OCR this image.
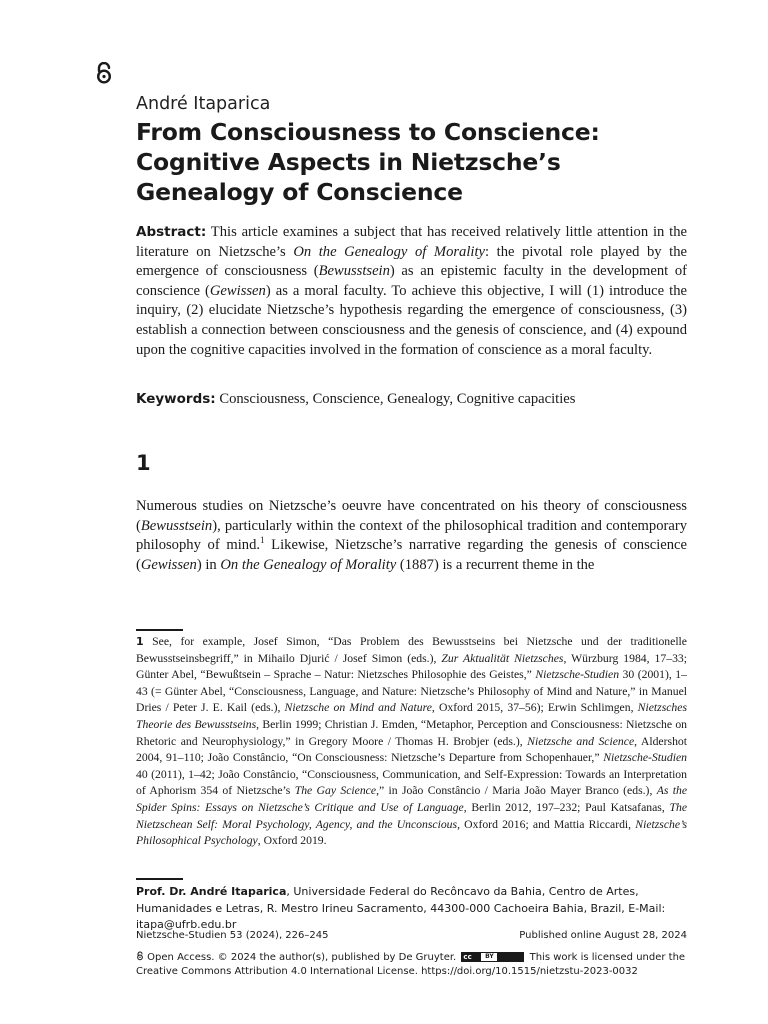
André Itaparica
From Consciousness to Conscience: Cognitive Aspects in Nietzsche’s Genealogy of Conscience

Abstract: This article examines a subject that has received relatively little attention in the literature on Nietzsche’s On the Genealogy of Morality: the pivotal role played by the emergence of consciousness (Bewusstsein) as an epistemic faculty in the development of conscience (Gewissen) as a moral faculty. To achieve this objective, I will (1) introduce the inquiry, (2) elucidate Nietzsche’s hypothesis regarding the emergence of consciousness, (3) establish a connection between consciousness and the genesis of conscience, and (4) expound upon the cognitive capacities involved in the formation of conscience as a moral faculty.

Keywords: Consciousness, Conscience, Genealogy, Cognitive capacities

1

Numerous studies on Nietzsche’s oeuvre have concentrated on his theory of consciousness (Bewusstsein), particularly within the context of the philosophical tradition and contemporary philosophy of mind.$^1$ Likewise, Nietzsche’s narrative regarding the genesis of conscience (Gewissen) in On the Genealogy of Morality (1887) is a recurrent theme in the

1 See, for example, Josef Simon, “Das Problem des Bewusstseins bei Nietzsche und der traditionelle Bewusstseinsbegriff,” in Mihailo Djurić / Josef Simon (eds.), Zur Aktualität Nietzsches, Würzburg 1984, 17–33; Günter Abel, “Bewußtsein – Sprache – Natur: Nietzsches Philosophie des Geistes,” Nietzsche-Studien 30 (2001), 1–43 (= Günter Abel, “Consciousness, Language, and Nature: Nietzsche’s Philosophy of Mind and Nature,” in Manuel Dries / Peter J. E. Kail (eds.), Nietzsche on Mind and Nature, Oxford 2015, 37–56); Erwin Schlimgen, Nietzsches Theorie des Bewusstseins, Berlin 1999; Christian J. Emden, “Metaphor, Perception and Consciousness: Nietzsche on Rhetoric and Neurophysiology,” in Gregory Moore / Thomas H. Brobjer (eds.), Nietzsche and Science, Aldershot 2004, 91–110; João Constâncio, “On Consciousness: Nietzsche’s Departure from Schopenhauer,” Nietzsche-Studien 40 (2011), 1–42; João Constâncio, “Consciousness, Communication, and Self-Expression: Towards an Interpretation of Aphorism 354 of Nietzsche’s The Gay Science,” in João Constâncio / Maria João Mayer Branco (eds.), As the Spider Spins: Essays on Nietzsche’s Critique and Use of Language, Berlin 2012, 197–232; Paul Katsafanas, The Nietzschean Self: Moral Psychology, Agency, and the Unconscious, Oxford 2016; and Mattia Riccardi, Nietzsche’s Philosophical Psychology, Oxford 2019.

Prof. Dr. André Itaparica, Universidade Federal do Recôncavo da Bahia, Centro de Artes, Humanidades e Letras, R. Mestro Irineu Sacramento, 44300-000 Cachoeira Bahia, Brazil, E-Mail: itapa@ufrb.edu.br

Nietzsche-Studien 53 (2024), 226–245	Published online August 28, 2024

Open Access. © 2024 the author(s), published by De Gruyter. cc	BY	This work is licensed under the Creative Commons Attribution 4.0 International License. https://doi.org/10.1515/nietzstu-2023-0032
